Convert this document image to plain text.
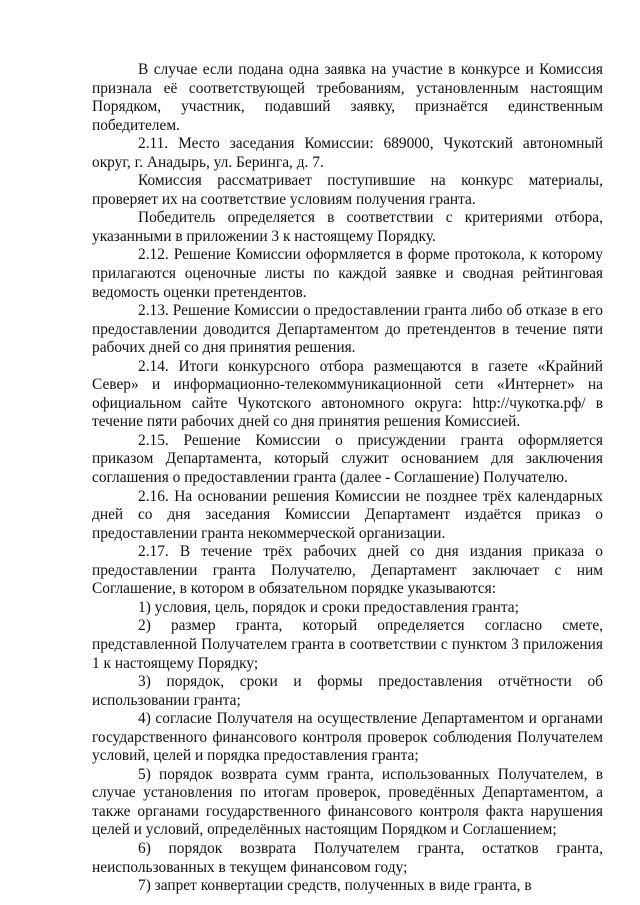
В случае если подана одна заявка на участие в конкурсе и Комиссия признала её соответствующей требованиям, установленным настоящим Порядком, участник, подавший заявку, признаётся единственным победителем.

2.11. Место заседания Комиссии: 689000, Чукотский автономный округ, г. Анадырь, ул. Беринга, д. 7.

Комиссия рассматривает поступившие на конкурс материалы, проверяет их на соответствие условиям получения гранта.

Победитель определяется в соответствии с критериями отбора, указанными в приложении 3 к настоящему Порядку.

2.12. Решение Комиссии оформляется в форме протокола, к которому прилагаются оценочные листы по каждой заявке и сводная рейтинговая ведомость оценки претендентов.

2.13. Решение Комиссии о предоставлении гранта либо об отказе в его предоставлении доводится Департаментом до претендентов в течение пяти рабочих дней со дня принятия решения.

2.14. Итоги конкурсного отбора размещаются в газете «Крайний Север» и информационно-телекоммуникационной сети «Интернет» на официальном сайте Чукотского автономного округа: http://чукотка.рф/ в течение пяти рабочих дней со дня принятия решения Комиссией.

2.15. Решение Комиссии о присуждении гранта оформляется приказом Департамента, который служит основанием для заключения соглашения о предоставлении гранта (далее - Соглашение) Получателю.

2.16. На основании решения Комиссии не позднее трёх календарных дней со дня заседания Комиссии Департамент издаётся приказ о предоставлении гранта некоммерческой организации.

2.17. В течение трёх рабочих дней со дня издания приказа о предоставлении гранта Получателю, Департамент заключает с ним Соглашение, в котором в обязательном порядке указываются:

1) условия, цель, порядок и сроки предоставления гранта;

2) размер гранта, который определяется согласно смете, представленной Получателем гранта в соответствии с пунктом 3 приложения 1 к настоящему Порядку;

3) порядок, сроки и формы предоставления отчётности об использовании гранта;

4) согласие Получателя на осуществление Департаментом и органами государственного финансового контроля проверок соблюдения Получателем условий, целей и порядка предоставления гранта;

5) порядок возврата сумм гранта, использованных Получателем, в случае установления по итогам проверок, проведённых Департаментом, а также органами государственного финансового контроля факта нарушения целей и условий, определённых настоящим Порядком и Соглашением;

6) порядок возврата Получателем гранта, остатков гранта, неиспользованных в текущем финансовом году;

7) запрет конвертации средств, полученных в виде гранта, в
